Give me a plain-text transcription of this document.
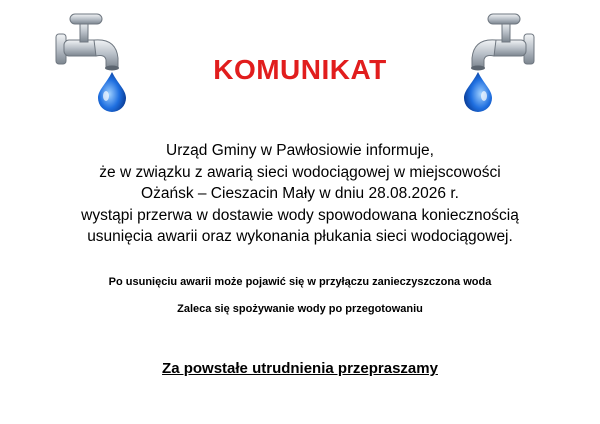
KOMUNIKAT
Urząd Gminy w Pawłosiowie informuje,
że w związku z awarią sieci wodociągowej w miejscowości
Ożańsk – Cieszacin Mały w dniu 28.08.2026 r.
wystąpi przerwa w dostawie wody spowodowana koniecznością
usunięcia awarii oraz wykonania płukania sieci wodociągowej.
Po usunięciu awarii może pojawić się w przyłączu zanieczyszczona woda
Zaleca się spożywanie wody po przegotowaniu
Za powstałe utrudnienia przepraszamy
